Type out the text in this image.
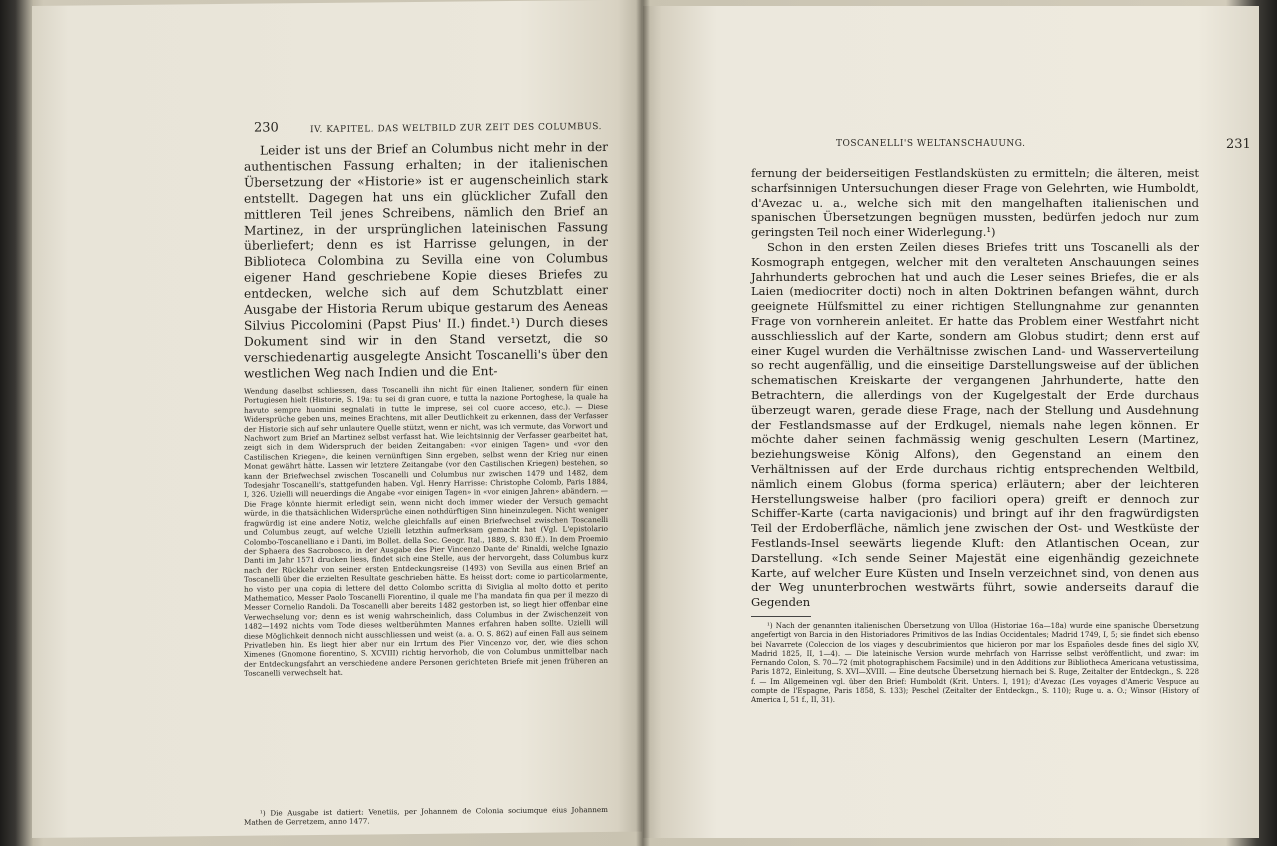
230	IV. KAPITEL. DAS WELTBILD ZUR ZEIT DES COLUMBUS.

Leider ist uns der Brief an Columbus nicht mehr in der authentischen Fassung erhalten; in der italienischen Übersetzung der «Historie» ist er augenscheinlich stark entstellt. Dagegen hat uns ein glücklicher Zufall den mittleren Teil jenes Schreibens, nämlich den Brief an Martinez, in der ursprünglichen lateinischen Fassung überliefert; denn es ist Harrisse gelungen, in der Biblioteca Colombina zu Sevilla eine von Columbus eigener Hand geschriebene Kopie dieses Briefes zu entdecken, welche sich auf dem Schutzblatt einer Ausgabe der Historia Rerum ubique gestarum des Aeneas Silvius Piccolomini (Papst Pius' II.) findet.¹) Durch dieses Dokument sind wir in den Stand versetzt, die so verschiedenartig ausgelegte Ansicht Toscanelli's über den westlichen Weg nach Indien und die Ent-

Wendung daselbst schliessen, dass Toscanelli ihn nicht für einen Italiener, sondern für einen Portugiesen hielt (Historie, S. 19a: tu sei di gran cuore, e tutta la nazione Portoghese, la quale ha havuto sempre huomini segnalati in tutte le imprese, sei col cuore acceso, etc.). — Diese Widersprüche geben uns, meines Erachtens, mit aller Deutlichkeit zu erkennen, dass der Verfasser der Historie sich auf sehr unlautere Quelle stützt, wenn er nicht, was ich vermute, das Vorwort und Nachwort zum Brief an Martinez selbst verfasst hat. Wie leichtsinnig der Verfasser gearbeitet hat, zeigt sich in dem Widerspruch der beiden Zeitangaben: «vor einigen Tagen» und «vor den Castilischen Kriegen», die keinen vernünftigen Sinn ergeben, selbst wenn der Krieg nur einen Monat gewährt hätte. Lassen wir letztere Zeitangabe (vor den Castilischen Kriegen) bestehen, so kann der Briefwechsel zwischen Toscanelli und Columbus nur zwischen 1479 und 1482, dem Todesjahr Toscanelli's, stattgefunden haben. Vgl. Henry Harrisse: Christophe Colomb, Paris 1884, I, 326. Uzielli will neuerdings die Angabe «vor einigen Tagen» in «vor einigen Jahren» abändern. — Die Frage könnte hiermit erledigt sein, wenn nicht doch immer wieder der Versuch gemacht würde, in die thatsächlichen Widersprüche einen nothdürftigen Sinn hineinzulegen. Nicht weniger fragwürdig ist eine andere Notiz, welche gleichfalls auf einen Briefwechsel zwischen Toscanelli und Columbus zeugt, auf welche Uzielli letzthin aufmerksam gemacht hat (Vgl. L'epistolario Colombo-Toscanelliano e i Danti, im Bollet. della Soc. Geogr. Ital., 1889, S. 830 ff.). In dem Proemio der Sphaera des Sacrobosco, in der Ausgabe des Pier Vincenzo Dante de' Rinaldi, welche Ignazio Danti im Jahr 1571 drucken liess, findet sich eine Stelle, aus der hervorgeht, dass Columbus kurz nach der Rückkehr von seiner ersten Entdeckungsreise (1493) von Sevilla aus einen Brief an Toscanelli über die erzielten Resultate geschrieben hätte. Es heisst dort: come io particolarmente, ho visto per una copia di lettere del detto Colombo scritta di Siviglia al molto dotto et perito Mathematico, Messer Paolo Toscanelli Fiorentino, il quale me l'ha mandata fin qua per il mezzo di Messer Cornelio Randoli. Da Toscanelli aber bereits 1482 gestorben ist, so liegt hier offenbar eine Verwechselung vor; denn es ist wenig wahrscheinlich, dass Columbus in der Zwischenzeit von 1482—1492 nichts vom Tode dieses weltberühmten Mannes erfahren haben sollte. Uzielli will diese Möglichkeit dennoch nicht ausschliessen und weist (a. a. O. S. 862) auf einen Fall aus seinem Privatleben hin. Es liegt hier aber nur ein Irrtum des Pier Vincenzo vor, der, wie dies schon Ximenes (Gnomone fiorentino, S. XCVIII) richtig hervorhob, die von Columbus unmittelbar nach der Entdeckungsfahrt an verschiedene andere Personen gerichteten Briefe mit jenen früheren an Toscanelli verwechselt hat.

¹) Die Ausgabe ist datiert: Venetiis, per Johannem de Colonia sociumque eius Johannem Mathen de Gerretzem, anno 1477.

TOSCANELLI'S WELTANSCHAUUNG.	231

fernung der beiderseitigen Festlandsküsten zu ermitteln; die älteren, meist scharfsinnigen Untersuchungen dieser Frage von Gelehrten, wie Humboldt, d'Avezac u. a., welche sich mit den mangelhaften italienischen und spanischen Übersetzungen begnügen mussten, bedürfen jedoch nur zum geringsten Teil noch einer Widerlegung.¹)

Schon in den ersten Zeilen dieses Briefes tritt uns Toscanelli als der Kosmograph entgegen, welcher mit den veralteten Anschauungen seines Jahrhunderts gebrochen hat und auch die Leser seines Briefes, die er als Laien (mediocriter docti) noch in alten Doktrinen befangen wähnt, durch geeignete Hülfsmittel zu einer richtigen Stellungnahme zur genannten Frage von vornherein anleitet. Er hatte das Problem einer Westfahrt nicht ausschliesslich auf der Karte, sondern am Globus studirt; denn erst auf einer Kugel wurden die Verhältnisse zwischen Land- und Wasserverteilung so recht augenfällig, und die einseitige Darstellungsweise auf der üblichen schematischen Kreiskarte der vergangenen Jahrhunderte, hatte den Betrachtern, die allerdings von der Kugelgestalt der Erde durchaus überzeugt waren, gerade diese Frage, nach der Stellung und Ausdehnung der Festlandsmasse auf der Erdkugel, niemals nahe legen können. Er möchte daher seinen fachmässig wenig geschulten Lesern (Martinez, beziehungsweise König Alfons), den Gegenstand an einem den Verhältnissen auf der Erde durchaus richtig entsprechenden Weltbild, nämlich einem Globus (forma sperica) erläutern; aber der leichteren Herstellungsweise halber (pro faciliori opera) greift er dennoch zur Schiffer-Karte (carta navigacionis) und bringt auf ihr den fragwürdigsten Teil der Erdoberfläche, nämlich jene zwischen der Ost- und Westküste der Festlands-Insel seewärts liegende Kluft: den Atlantischen Ocean, zur Darstellung. «Ich sende Seiner Majestät eine eigenhändig gezeichnete Karte, auf welcher Eure Küsten und Inseln verzeichnet sind, von denen aus der Weg ununterbrochen westwärts führt, sowie anderseits darauf die Gegenden

¹) Nach der genannten italienischen Übersetzung von Ulloa (Historiae 16a—18a) wurde eine spanische Übersetzung angefertigt von Barcia in den Historiadores Primitivos de las Indias Occidentales; Madrid 1749, I, 5; sie findet sich ebenso bei Navarrete (Coleccion de los viages y descubrimientos que hicieron por mar los Españoles desde fines del siglo XV, Madrid 1825, II, 1—4). — Die lateinische Version wurde mehrfach von Harrisse selbst veröffentlicht, und zwar: im Fernando Colon, S. 70—72 (mit photographischem Facsimile) und in den Additions zur Bibliotheca Americana vetustissima, Paris 1872, Einleitung, S. XVI—XVIII. — Eine deutsche Übersetzung hiernach bei S. Ruge, Zeitalter der Entdeckgn., S. 228 f. — Im Allgemeinen vgl. über den Brief: Humboldt (Krit. Unters. I, 191); d'Avezac (Les voyages d'Americ Vespuce au compte de l'Espagne, Paris 1858, S. 133); Peschel (Zeitalter der Entdeckgn., S. 110); Ruge u. a. O.; Winsor (History of America I, 51 f., II, 31).
